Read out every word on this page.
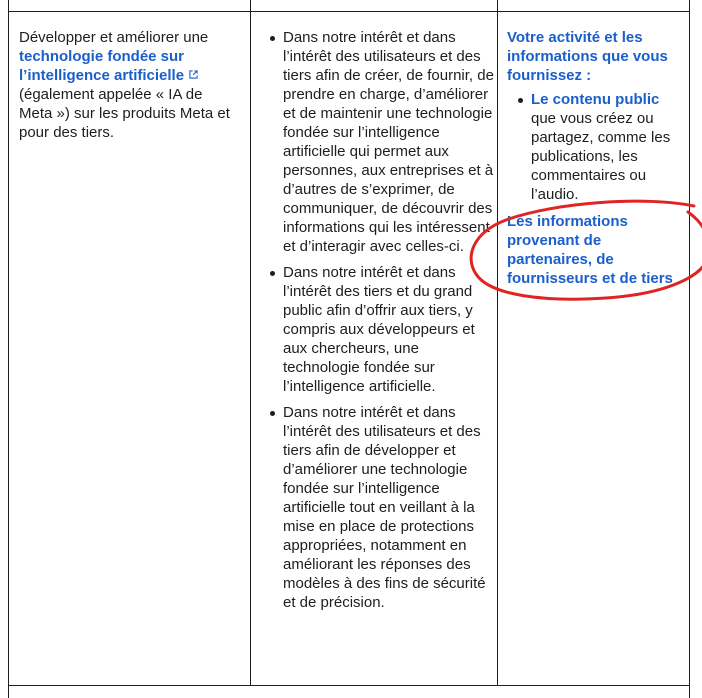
Développer et améliorer une technologie fondée sur l’intelligence artificielle (également appelée « IA de Meta ») sur les produits Meta et pour des tiers.

Dans notre intérêt et dans l’intérêt des utilisateurs et des tiers afin de créer, de fournir, de prendre en charge, d’améliorer et de maintenir une technologie fondée sur l’intelligence artificielle qui permet aux personnes, aux entreprises et à d’autres de s’exprimer, de communiquer, de découvrir des informations qui les intéressent et d’interagir avec celles-ci.
Dans notre intérêt et dans l’intérêt des tiers et du grand public afin d’offrir aux tiers, y compris aux développeurs et aux chercheurs, une technologie fondée sur l’intelligence artificielle.
Dans notre intérêt et dans l’intérêt des utilisateurs et des tiers afin de développer et d’améliorer une technologie fondée sur l’intelligence artificielle tout en veillant à la mise en place de protections appropriées, notamment en améliorant les réponses des modèles à des fins de sécurité et de précision.

Votre activité et les informations que vous fournissez :

Le contenu public que vous créez ou partagez, comme les publications, les commentaires ou l’audio.

Les informations provenant de partenaires, de fournisseurs et de tiers
